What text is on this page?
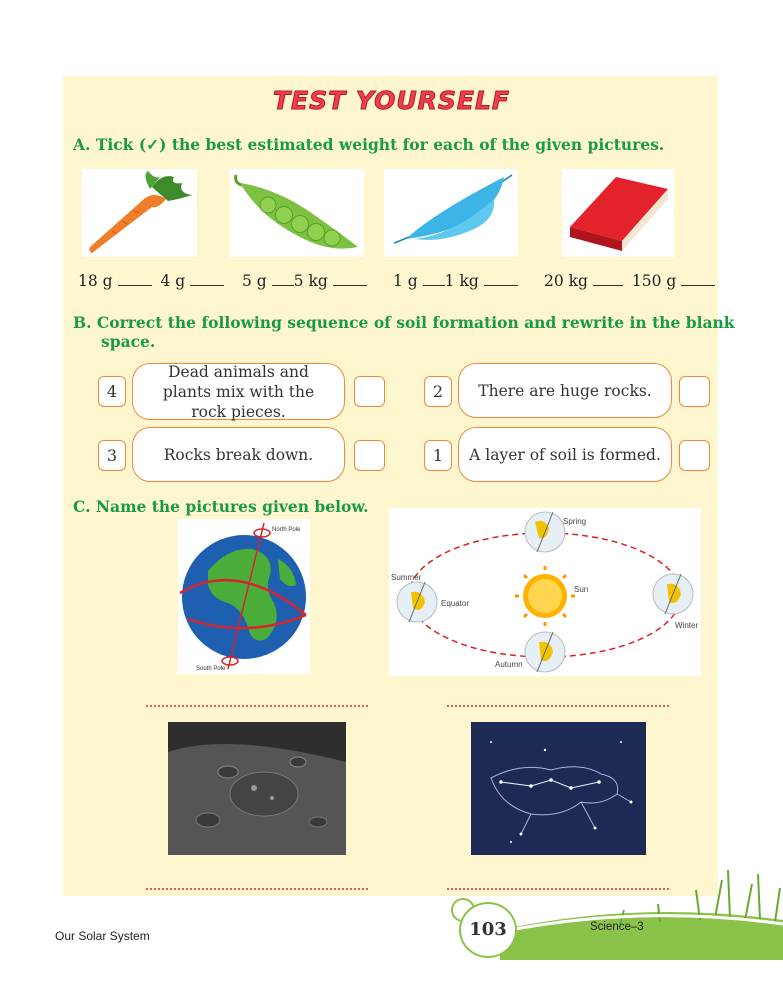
TEST YOURSELF
A. Tick (✓) the best estimated weight for each of the given pictures.
18 g	4 g	5 g 5 kg	1 g 1 kg	20 kg	150 g
B. Correct the following sequence of soil formation and rewrite in the blank
space.
4
Dead animals and plants mix with the rock pieces.
2	There are huge rocks.
3	Rocks break down.	1	A layer of soil is formed.
C. Name the pictures given below.
North Pole
South Pole
Spring
Summer
Equator
Sun
Winter
Autumn
103
Our Solar System
Science–3
